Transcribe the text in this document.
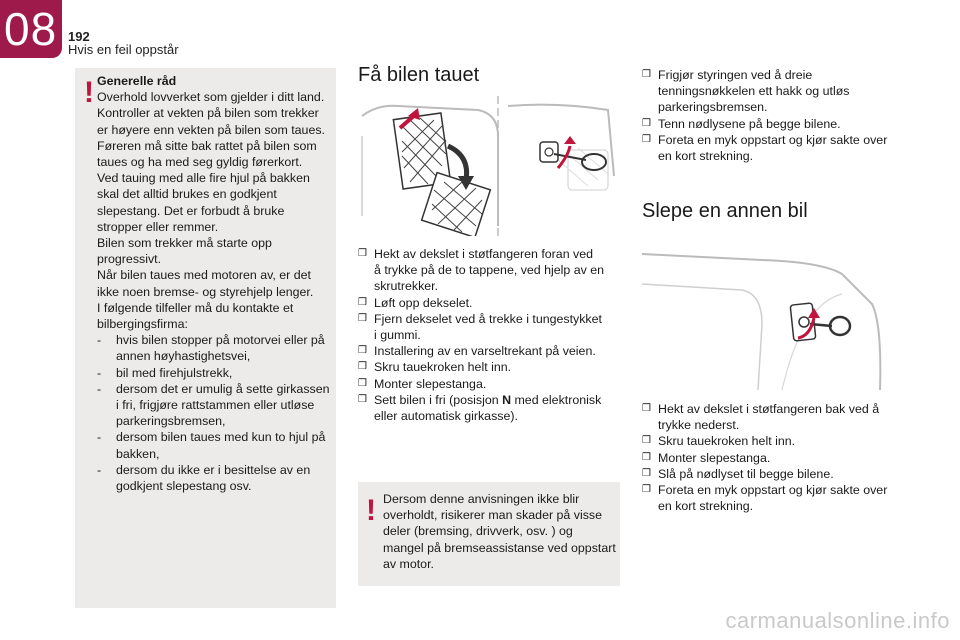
08 192
Hvis en feil oppstår
! Generelle råd
Overhold lovverket som gjelder i ditt land.
Kontroller at vekten på bilen som trekker
er høyere enn vekten på bilen som taues.
Føreren må sitte bak rattet på bilen som
taues og ha med seg gyldig førerkort.
Ved tauing med alle fire hjul på bakken
skal det alltid brukes en godkjent
slepestang. Det er forbudt å bruke
stropper eller remmer.
Bilen som trekker må starte opp
progressivt.
Når bilen taues med motoren av, er det
ikke noen bremse- og styrehjelp lenger.
I følgende tilfeller må du kontakte et
bilbergingsfirma:
- hvis bilen stopper på motorvei eller på
annen høyhastighetsvei,
- bil med firehjulstrekk,
- dersom det er umulig å sette girkassen
i fri, frigjøre rattstammen eller utløse
parkeringsbremsen,
- dersom bilen taues med kun to hjul på
bakken,
- dersom du ikke er i besittelse av en
godkjent slepestang osv.
Få bilen tauet
❒ Hekt av dekslet i støtfangeren foran ved
å trykke på de to tappene, ved hjelp av en
skrutrekker.
❒ Løft opp dekselet.
❒ Fjern dekselet ved å trekke i tungestykket
i gummi.
❒ Installering av en varseltrekant på veien.
❒ Skru tauekroken helt inn.
❒ Monter slepestanga.
❒ Sett bilen i fri (posisjon N med elektronisk
eller automatisk girkasse).
! Dersom denne anvisningen ikke blir
overholdt, risikerer man skader på visse
deler (bremsing, drivverk, osv. ) og
mangel på bremseassistanse ved oppstart
av motor.
❒ Frigjør styringen ved å dreie
tenningsnøkkelen ett hakk og utløs
parkeringsbremsen.
❒ Tenn nødlysene på begge bilene.
❒ Foreta en myk oppstart og kjør sakte over
en kort strekning.
Slepe en annen bil
❒ Hekt av dekslet i støtfangeren bak ved å
trykke nederst.
❒ Skru tauekroken helt inn.
❒ Monter slepestanga.
❒ Slå på nødlyset til begge bilene.
❒ Foreta en myk oppstart og kjør sakte over
en kort strekning.
carmanualsonline.info
